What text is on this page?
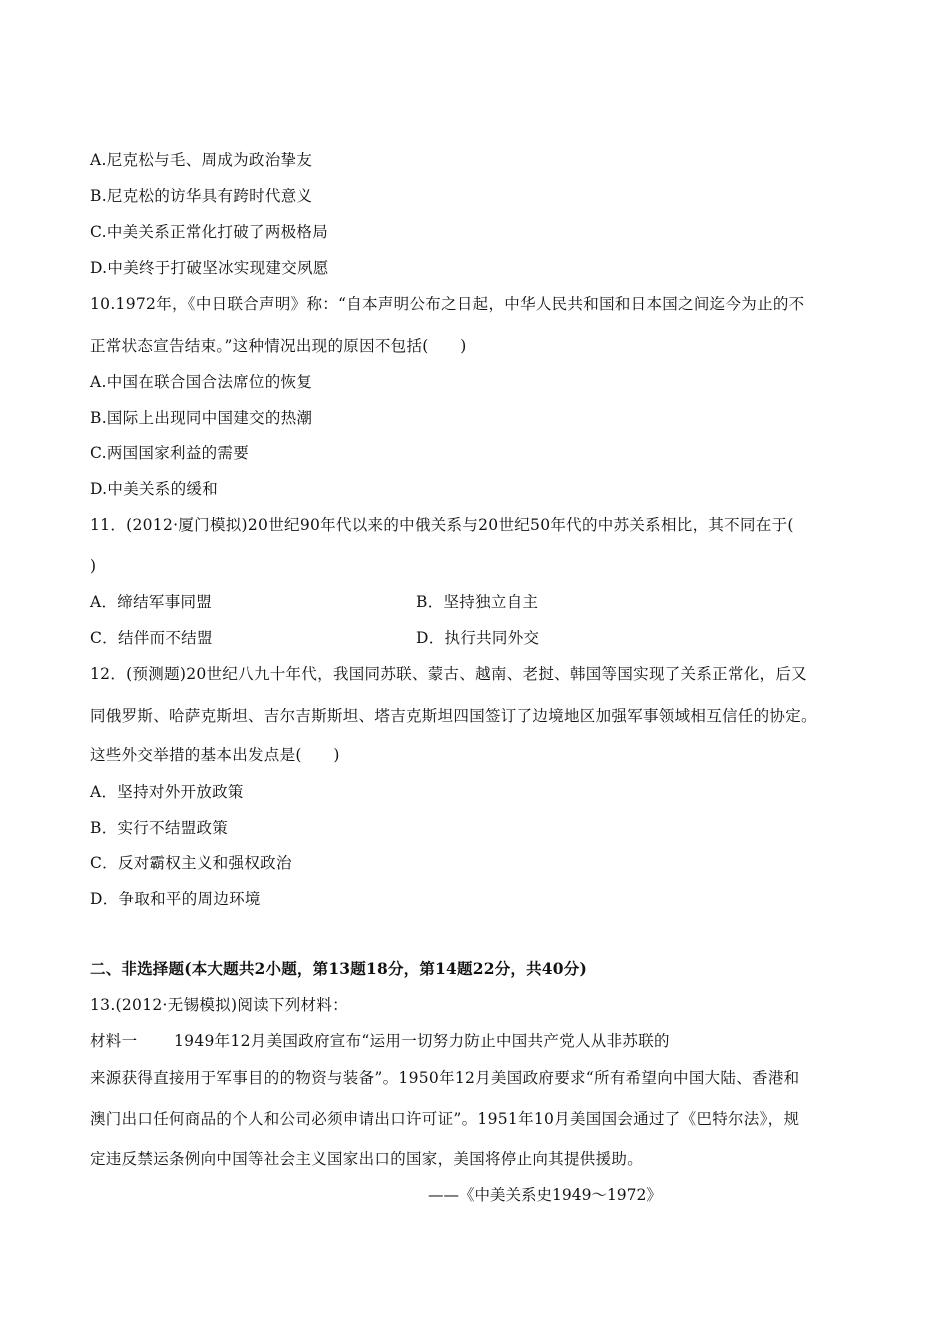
A.尼克松与毛、周成为政治挚友
B.尼克松的访华具有跨时代意义
C.中美关系正常化打破了两极格局
D.中美终于打破坚冰实现建交夙愿
10.1972年，《中日联合声明》称：“自本声明公布之日起，中华人民共和国和日本国之间迄今为止的不
正常状态宣告结束。”这种情况出现的原因不包括(　　)
A.中国在联合国合法席位的恢复
B.国际上出现同中国建交的热潮
C.两国国家利益的需要
D.中美关系的缓和
11．(2012·厦门模拟)20世纪90年代以来的中俄关系与20世纪50年代的中苏关系相比，其不同在于(
)
A．缔结军事同盟	B．坚持独立自主
C．结伴而不结盟	D．执行共同外交
12．(预测题)20世纪八九十年代，我国同苏联、蒙古、越南、老挝、韩国等国实现了关系正常化，后又
同俄罗斯、哈萨克斯坦、吉尔吉斯斯坦、塔吉克斯坦四国签订了边境地区加强军事领域相互信任的协定。
这些外交举措的基本出发点是(　　)
A．坚持对外开放政策
B．实行不结盟政策
C．反对霸权主义和强权政治
D．争取和平的周边环境
二、非选择题(本大题共2小题，第13题18分，第14题22分，共40分)
13.(2012·无锡模拟)阅读下列材料：
材料一 1949年12月美国政府宣布“运用一切努力防止中国共产党人从非苏联的
来源获得直接用于军事目的的物资与装备”。1950年12月美国政府要求“所有希望向中国大陆、香港和
澳门出口任何商品的个人和公司必须申请出口许可证”。1951年10月美国国会通过了《巴特尔法》，规
定违反禁运条例向中国等社会主义国家出口的国家，美国将停止向其提供援助。
——《中美关系史1949～1972》
